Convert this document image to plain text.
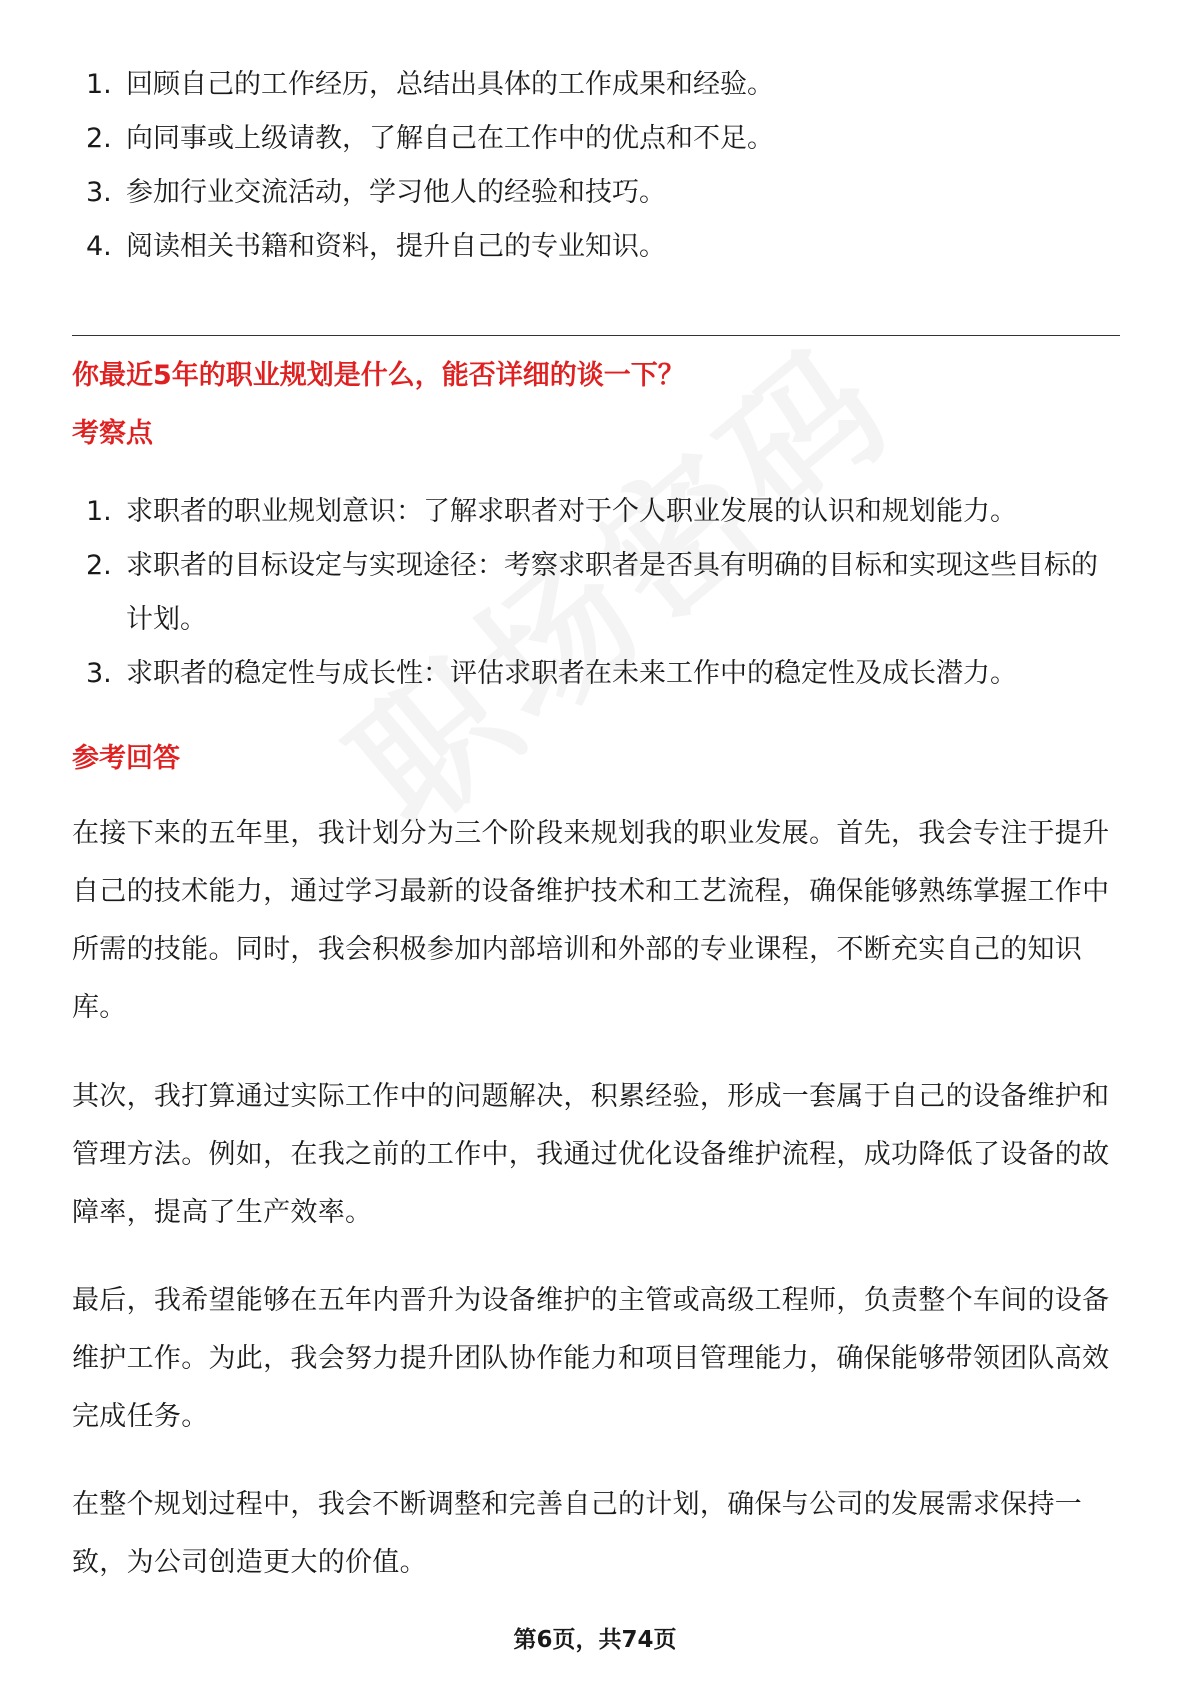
1. 回顾自己的工作经历，总结出具体的工作成果和经验。
2. 向同事或上级请教，了解自己在工作中的优点和不足。
3. 参加行业交流活动，学习他人的经验和技巧。
4. 阅读相关书籍和资料，提升自己的专业知识。
你最近5年的职业规划是什么，能否详细的谈一下？
考察点
1. 求职者的职业规划意识：了解求职者对于个人职业发展的认识和规划能力。
2. 求职者的目标设定与实现途径：考察求职者是否具有明确的目标和实现这些目标的计划。
3. 求职者的稳定性与成长性：评估求职者在未来工作中的稳定性及成长潜力。
参考回答

在接下来的五年里，我计划分为三个阶段来规划我的职业发展。首先，我会专注于提升自己的技术能力，通过学习最新的设备维护技术和工艺流程，确保能够熟练掌握工作中所需的技能。同时，我会积极参加内部培训和外部的专业课程，不断充实自己的知识库。

其次，我打算通过实际工作中的问题解决，积累经验，形成一套属于自己的设备维护和管理方法。例如，在我之前的工作中，我通过优化设备维护流程，成功降低了设备的故障率，提高了生产效率。

最后，我希望能够在五年内晋升为设备维护的主管或高级工程师，负责整个车间的设备维护工作。为此，我会努力提升团队协作能力和项目管理能力，确保能够带领团队高效完成任务。

在整个规划过程中，我会不断调整和完善自己的计划，确保与公司的发展需求保持一致，为公司创造更大的价值。

第6页，共74页
